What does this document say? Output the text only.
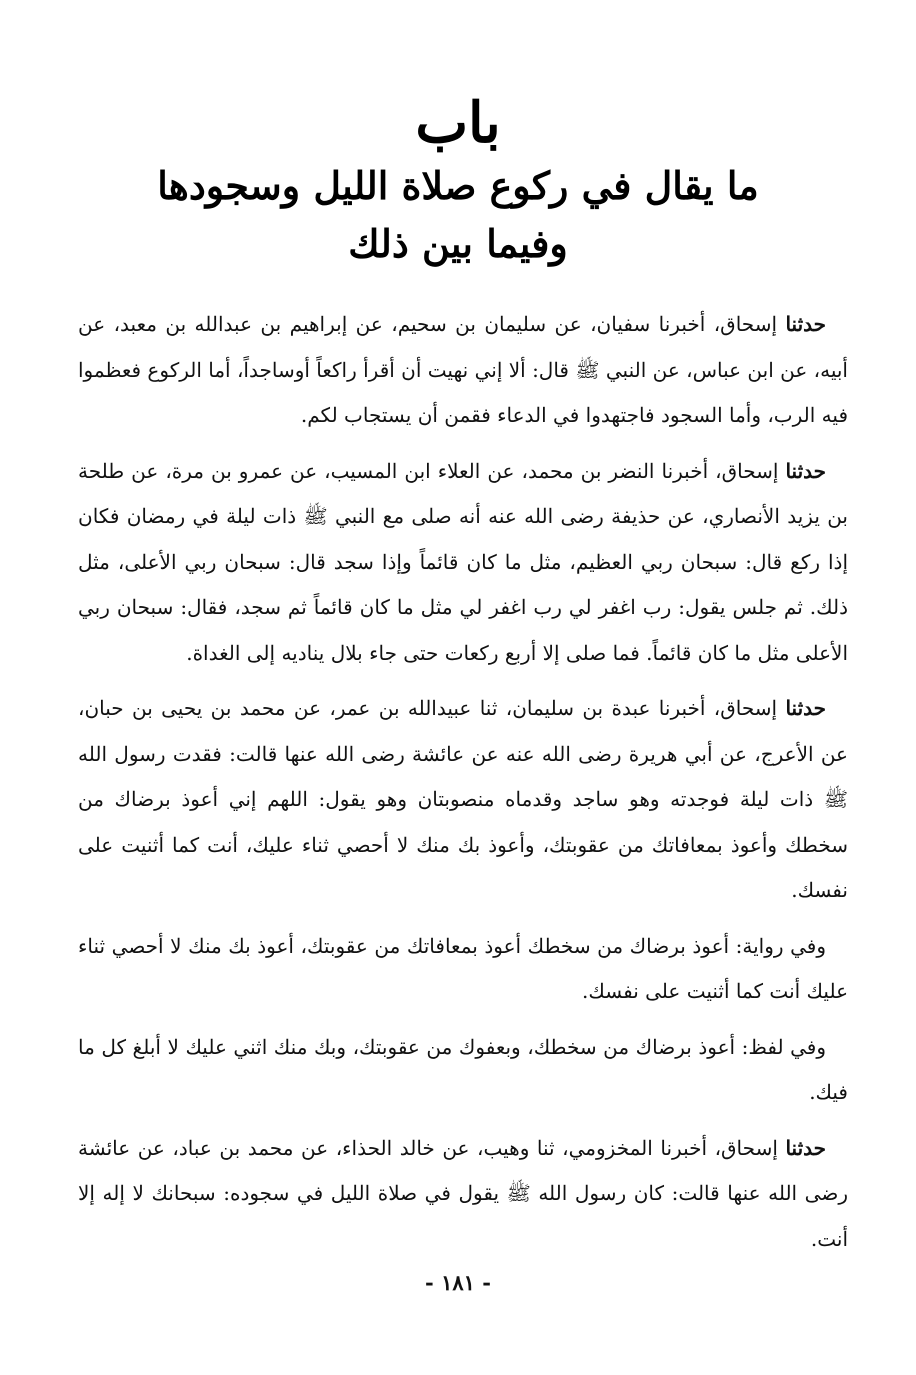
باب
ما يقال في ركوع صلاة الليل وسجودها
وفيما بين ذلك

حدثنا إسحاق، أخبرنا سفيان، عن سليمان بن سحيم، عن إبراهيم بن عبدالله بن معبد، عن أبيه، عن ابن عباس، عن النبي ﷺ قال: ألا إني نهيت أن أقرأ راكعاً أوساجداً، أما الركوع فعظموا فيه الرب، وأما السجود فاجتهدوا في الدعاء فقمن أن يستجاب لكم.

حدثنا إسحاق، أخبرنا النضر بن محمد، عن العلاء ابن المسيب، عن عمرو بن مرة، عن طلحة بن يزيد الأنصاري، عن حذيفة رضى الله عنه أنه صلى مع النبي ﷺ ذات ليلة في رمضان فكان إذا ركع قال: سبحان ربي العظيم، مثل ما كان قائماً وإذا سجد قال: سبحان ربي الأعلى، مثل ذلك. ثم جلس يقول: رب اغفر لي رب اغفر لي مثل ما كان قائماً ثم سجد، فقال: سبحان ربي الأعلى مثل ما كان قائماً. فما صلى إلا أربع ركعات حتى جاء بلال يناديه إلى الغداة.

حدثنا إسحاق، أخبرنا عبدة بن سليمان، ثنا عبيدالله بن عمر، عن محمد بن يحيى بن حبان، عن الأعرج، عن أبي هريرة رضى الله عنه عن عائشة رضى الله عنها قالت: فقدت رسول الله ﷺ ذات ليلة فوجدته وهو ساجد وقدماه منصوبتان وهو يقول: اللهم إني أعوذ برضاك من سخطك وأعوذ بمعافاتك من عقوبتك، وأعوذ بك منك لا أحصي ثناء عليك، أنت كما أثنيت على نفسك.

وفي رواية: أعوذ برضاك من سخطك أعوذ بمعافاتك من عقوبتك، أعوذ بك منك لا أحصي ثناء عليك أنت كما أثنيت على نفسك.

وفي لفظ: أعوذ برضاك من سخطك، وبعفوك من عقوبتك، وبك منك اثني عليك لا أبلغ كل ما فيك.

حدثنا إسحاق، أخبرنا المخزومي، ثنا وهيب، عن خالد الحذاء، عن محمد بن عباد، عن عائشة رضى الله عنها قالت: كان رسول الله ﷺ يقول في صلاة الليل في سجوده: سبحانك لا إله إلا أنت.

- ١٨١ -
